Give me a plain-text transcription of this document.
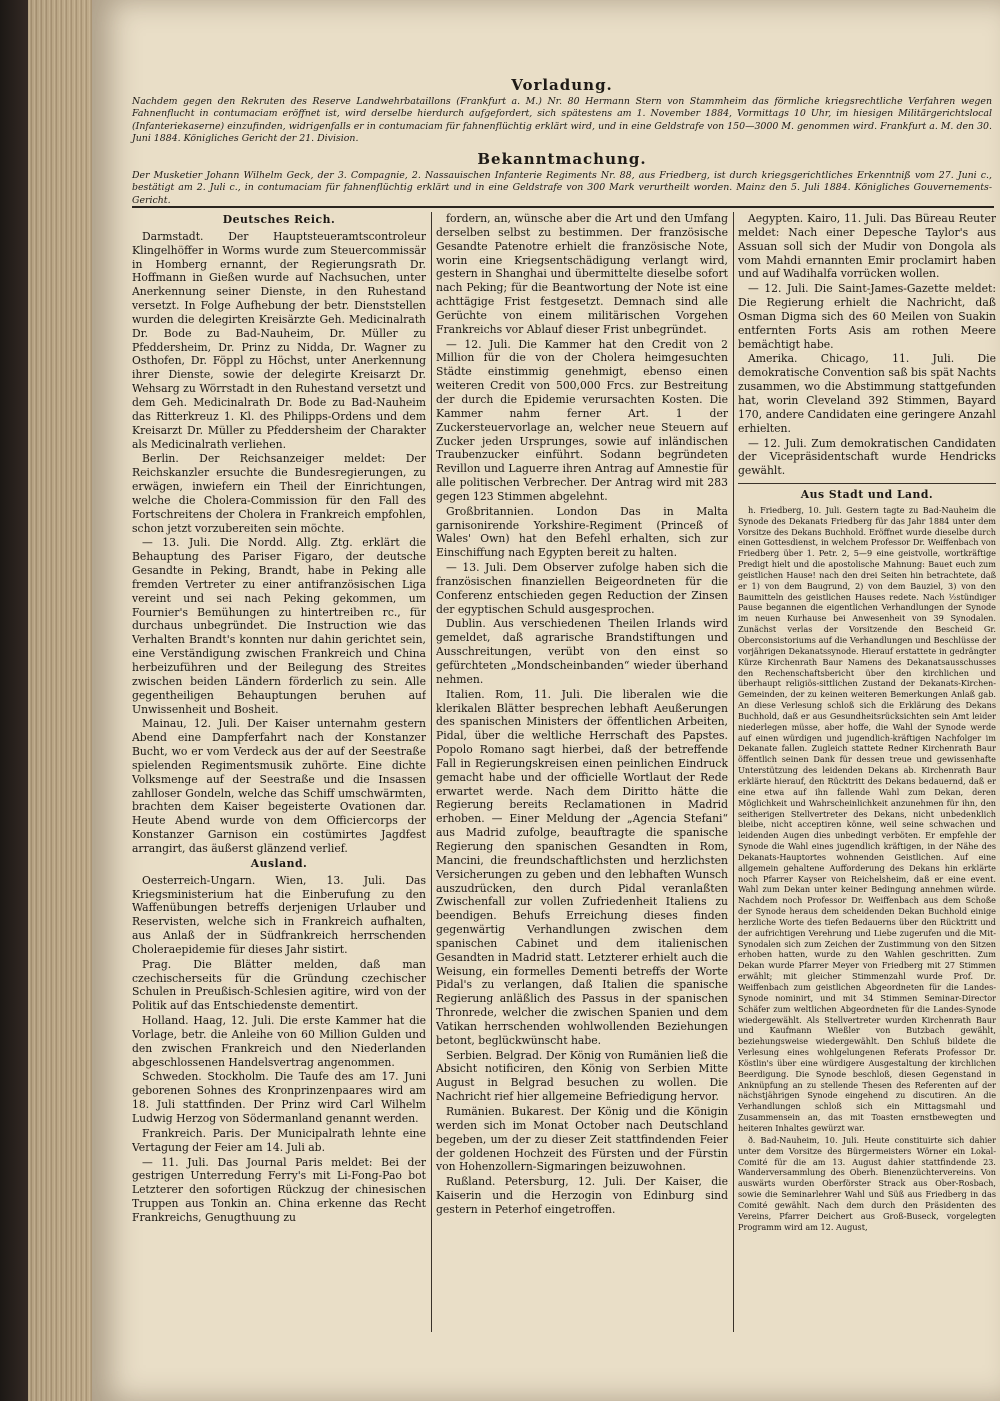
Vorladung.
Nachdem gegen den Rekruten des Reserve Landwehrbataillons (Frankfurt a. M.) Nr. 80 Hermann Stern von Stammheim das förmliche kriegsrechtliche Verfahren wegen Fahnenflucht in contumaciam eröffnet ist, wird derselbe hierdurch aufgefordert, sich spätestens am 1. November 1884, Vormittags 10 Uhr, im hiesigen Militärgerichtslocal (Infanteriekaserne) einzufinden, widrigenfalls er in contumaciam für fahnenflüchtig erklärt wird, und in eine Geldstrafe von 150—3000 M. genommen wird. Frankfurt a. M. den 30. Juni 1884. Königliches Gericht der 21. Division.
Bekanntmachung.
Der Musketier Johann Wilhelm Geck, der 3. Compagnie, 2. Nassauischen Infanterie Regiments Nr. 88, aus Friedberg, ist durch kriegsgerichtliches Erkenntniß vom 27. Juni c., bestätigt am 2. Juli c., in contumaciam für fahnenflüchtig erklärt und in eine Geldstrafe von 300 Mark verurtheilt worden. Mainz den 5. Juli 1884. Königliches Gouvernements-Gericht.

Deutsches Reich.

Darmstadt. Der Hauptsteueramtscontroleur Klingelhöffer in Worms wurde zum Steuercommissär in Homberg ernannt, der Regierungsrath Dr. Hoffmann in Gießen wurde auf Nachsuchen, unter Anerkennung seiner Dienste, in den Ruhestand versetzt. In Folge Aufhebung der betr. Dienststellen wurden die delegirten Kreisärzte Geh. Medicinalrath Dr. Bode zu Bad-Nauheim, Dr. Müller zu Pfeddersheim, Dr. Prinz zu Nidda, Dr. Wagner zu Osthofen, Dr. Föppl zu Höchst, unter Anerkennung ihrer Dienste, sowie der delegirte Kreisarzt Dr. Wehsarg zu Wörrstadt in den Ruhestand versetzt und dem Geh. Medicinalrath Dr. Bode zu Bad-Nauheim das Ritterkreuz 1. Kl. des Philipps-Ordens und dem Kreisarzt Dr. Müller zu Pfeddersheim der Charakter als Medicinalrath verliehen.

Berlin. Der Reichsanzeiger meldet: Der Reichskanzler ersuchte die Bundesregierungen, zu erwägen, inwiefern ein Theil der Einrichtungen, welche die Cholera-Commission für den Fall des Fortschreitens der Cholera in Frankreich empfohlen, schon jetzt vorzubereiten sein möchte.

— 13. Juli. Die Nordd. Allg. Ztg. erklärt die Behauptung des Pariser Figaro, der deutsche Gesandte in Peking, Brandt, habe in Peking alle fremden Vertreter zu einer antifranzösischen Liga vereint und sei nach Peking gekommen, um Fournier's Bemühungen zu hintertreiben rc., für durchaus unbegründet. Die Instruction wie das Verhalten Brandt's konnten nur dahin gerichtet sein, eine Verständigung zwischen Frankreich und China herbeizuführen und der Beilegung des Streites zwischen beiden Ländern förderlich zu sein. Alle gegentheiligen Behauptungen beruhen auf Unwissenheit und Bosheit.

Mainau, 12. Juli. Der Kaiser unternahm gestern Abend eine Dampferfahrt nach der Konstanzer Bucht, wo er vom Verdeck aus der auf der Seestraße spielenden Regimentsmusik zuhörte. Eine dichte Volksmenge auf der Seestraße und die Insassen zahlloser Gondeln, welche das Schiff umschwärmten, brachten dem Kaiser begeisterte Ovationen dar. Heute Abend wurde von dem Officiercorps der Konstanzer Garnison ein costümirtes Jagdfest arrangirt, das äußerst glänzend verlief.

Ausland.

Oesterreich-Ungarn. Wien, 13. Juli. Das Kriegsministerium hat die Einberufung zu den Waffenübungen betreffs derjenigen Urlauber und Reservisten, welche sich in Frankreich aufhalten, aus Anlaß der in Südfrankreich herrschenden Choleraepidemie für dieses Jahr sistirt.

Prag. Die Blätter melden, daß man czechischerseits für die Gründung czechischer Schulen in Preußisch-Schlesien agitire, wird von der Politik auf das Entschiedenste dementirt.

Holland. Haag, 12. Juli. Die erste Kammer hat die Vorlage, betr. die Anleihe von 60 Million Gulden und den zwischen Frankreich und den Niederlanden abgeschlossenen Handelsvertrag angenommen.

Schweden. Stockholm. Die Taufe des am 17. Juni geborenen Sohnes des Kronprinzenpaares wird am 18. Juli stattfinden. Der Prinz wird Carl Wilhelm Ludwig Herzog von Södermanland genannt werden.

Frankreich. Paris. Der Municipalrath lehnte eine Vertagung der Feier am 14. Juli ab.

— 11. Juli. Das Journal Paris meldet: Bei der gestrigen Unterredung Ferry's mit Li-Fong-Pao bot Letzterer den sofortigen Rückzug der chinesischen Truppen aus Tonkin an. China erkenne das Recht Frankreichs, Genugthuung zu

fordern, an, wünsche aber die Art und den Umfang derselben selbst zu bestimmen. Der französische Gesandte Patenotre erhielt die französische Note, worin eine Kriegsentschädigung verlangt wird, gestern in Shanghai und übermittelte dieselbe sofort nach Peking; für die Beantwortung der Note ist eine achttägige Frist festgesetzt. Demnach sind alle Gerüchte von einem militärischen Vorgehen Frankreichs vor Ablauf dieser Frist unbegründet.

— 12. Juli. Die Kammer hat den Credit von 2 Million für die von der Cholera heimgesuchten Städte einstimmig genehmigt, ebenso einen weiteren Credit von 500,000 Frcs. zur Bestreitung der durch die Epidemie verursachten Kosten. Die Kammer nahm ferner Art. 1 der Zuckersteuervorlage an, welcher neue Steuern auf Zucker jeden Ursprunges, sowie auf inländischen Traubenzucker einführt. Sodann begründeten Revillon und Laguerre ihren Antrag auf Amnestie für alle politischen Verbrecher. Der Antrag wird mit 283 gegen 123 Stimmen abgelehnt.

Großbritannien. London Das in Malta garnisonirende Yorkshire-Regiment (Princeß of Wales' Own) hat den Befehl erhalten, sich zur Einschiffung nach Egypten bereit zu halten.

— 13. Juli. Dem Observer zufolge haben sich die französischen finanziellen Beigeordneten für die Conferenz entschieden gegen Reduction der Zinsen der egyptischen Schuld ausgesprochen.

Dublin. Aus verschiedenen Theilen Irlands wird gemeldet, daß agrarische Brandstiftungen und Ausschreitungen, verübt von den einst so gefürchteten „Mondscheinbanden“ wieder überhand nehmen.

Italien. Rom, 11. Juli. Die liberalen wie die klerikalen Blätter besprechen lebhaft Aeußerungen des spanischen Ministers der öffentlichen Arbeiten, Pidal, über die weltliche Herrschaft des Papstes. Popolo Romano sagt hierbei, daß der betreffende Fall in Regierungskreisen einen peinlichen Eindruck gemacht habe und der officielle Wortlaut der Rede erwartet werde. Nach dem Diritto hätte die Regierung bereits Reclamationen in Madrid erhoben. — Einer Meldung der „Agencia Stefani“ aus Madrid zufolge, beauftragte die spanische Regierung den spanischen Gesandten in Rom, Mancini, die freundschaftlichsten und herzlichsten Versicherungen zu geben und den lebhaften Wunsch auszudrücken, den durch Pidal veranlaßten Zwischenfall zur vollen Zufriedenheit Italiens zu beendigen. Behufs Erreichung dieses finden gegenwärtig Verhandlungen zwischen dem spanischen Cabinet und dem italienischen Gesandten in Madrid statt. Letzterer erhielt auch die Weisung, ein formelles Dementi betreffs der Worte Pidal's zu verlangen, daß Italien die spanische Regierung anläßlich des Passus in der spanischen Thronrede, welcher die zwischen Spanien und dem Vatikan herrschenden wohlwollenden Beziehungen betont, beglückwünscht habe.

Serbien. Belgrad. Der König von Rumänien ließ die Absicht notificiren, den König von Serbien Mitte August in Belgrad besuchen zu wollen. Die Nachricht rief hier allgemeine Befriedigung hervor.

Rumänien. Bukarest. Der König und die Königin werden sich im Monat October nach Deutschland begeben, um der zu dieser Zeit stattfindenden Feier der goldenen Hochzeit des Fürsten und der Fürstin von Hohenzollern-Sigmaringen beizuwohnen.

Rußland. Petersburg, 12. Juli. Der Kaiser, die Kaiserin und die Herzogin von Edinburg sind gestern in Peterhof eingetroffen.

Aegypten. Kairo, 11. Juli. Das Büreau Reuter meldet: Nach einer Depesche Taylor's aus Assuan soll sich der Mudir von Dongola als vom Mahdi ernannten Emir proclamirt haben und auf Wadihalfa vorrücken wollen.

— 12. Juli. Die Saint-James-Gazette meldet: Die Regierung erhielt die Nachricht, daß Osman Digma sich des 60 Meilen von Suakin entfernten Forts Asis am rothen Meere bemächtigt habe.

Amerika. Chicago, 11. Juli. Die demokratische Convention saß bis spät Nachts zusammen, wo die Abstimmung stattgefunden hat, worin Cleveland 392 Stimmen, Bayard 170, andere Candidaten eine geringere Anzahl erhielten.

— 12. Juli. Zum demokratischen Candidaten der Vicepräsidentschaft wurde Hendricks gewählt.

Aus Stadt und Land.

h. Friedberg, 10. Juli. Gestern tagte zu Bad-Nauheim die Synode des Dekanats Friedberg für das Jahr 1884 unter dem Vorsitze des Dekans Buchhold. Eröffnet wurde dieselbe durch einen Gottesdienst, in welchem Professor Dr. Weiffenbach von Friedberg über 1. Petr. 2, 5—9 eine geistvolle, wortkräftige Predigt hielt und die apostolische Mahnung: Bauet euch zum geistlichen Hause! nach den drei Seiten hin betrachtete, daß er 1) von dem Baugrund, 2) von dem Bauziel, 3) von den Baumitteln des geistlichen Hauses redete. Nach ½stündiger Pause begannen die eigentlichen Verhandlungen der Synode im neuen Kurhause bei Anwesenheit von 39 Synodalen. Zunächst verlas der Vorsitzende den Bescheid Gr. Oberconsistoriums auf die Verhandlungen und Beschlüsse der vorjährigen Dekanatssynode. Hierauf erstattete in gedrängter Kürze Kirchenrath Baur Namens des Dekanatsausschusses den Rechenschaftsbericht über den kirchlichen und überhaupt religiös-sittlichen Zustand der Dekanats-Kirchen-Gemeinden, der zu keinen weiteren Bemerkungen Anlaß gab. An diese Verlesung schloß sich die Erklärung des Dekans Buchhold, daß er aus Gesundheitsrücksichten sein Amt leider niederlegen müsse, aber hoffe, die Wahl der Synode werde auf einen würdigen und jugendlich-kräftigen Nachfolger im Dekanate fallen. Zugleich stattete Redner Kirchenrath Baur öffentlich seinen Dank für dessen treue und gewissenhafte Unterstützung des leidenden Dekans ab. Kirchenrath Baur erklärte hierauf, den Rücktritt des Dekans bedauernd, daß er eine etwa auf ihn fallende Wahl zum Dekan, deren Möglichkeit und Wahrscheinlichkeit anzunehmen für ihn, den seitherigen Stellvertreter des Dekans, nicht unbedenklich bleibe, nicht acceptiren könne, weil seine schwachen und leidenden Augen dies unbedingt verböten. Er empfehle der Synode die Wahl eines jugendlich kräftigen, in der Nähe des Dekanats-Hauptortes wohnenden Geistlichen. Auf eine allgemein gehaltene Aufforderung des Dekans hin erklärte noch Pfarrer Kayser von Reichelsheim, daß er eine event. Wahl zum Dekan unter keiner Bedingung annehmen würde. Nachdem noch Professor Dr. Weiffenbach aus dem Schoße der Synode heraus dem scheidenden Dekan Buchhold einige herzliche Worte des tiefen Bedauerns über den Rücktritt und der aufrichtigen Verehrung und Liebe zugerufen und die Mit-Synodalen sich zum Zeichen der Zustimmung von den Sitzen erhoben hatten, wurde zu den Wahlen geschritten. Zum Dekan wurde Pfarrer Meyer von Friedberg mit 27 Stimmen erwählt; mit gleicher Stimmenzahl wurde Prof. Dr. Weiffenbach zum geistlichen Abgeordneten für die Landes-Synode nominirt, und mit 34 Stimmen Seminar-Director Schäfer zum weltlichen Abgeordneten für die Landes-Synode wiedergewählt. Als Stellvertreter wurden Kirchenrath Baur und Kaufmann Wießler von Butzbach gewählt, beziehungsweise wiedergewählt. Den Schluß bildete die Verlesung eines wohlgelungenen Referats Professor Dr. Köstlin's über eine würdigere Ausgestaltung der kirchlichen Beerdigung. Die Synode beschloß, diesen Gegenstand in Anknüpfung an zu stellende Thesen des Referenten auf der nächstjährigen Synode eingehend zu discutiren. An die Verhandlungen schloß sich ein Mittagsmahl und Zusammensein an, das mit Toasten ernstbewegten und heiteren Inhaltes gewürzt war.

ð. Bad-Nauheim, 10. Juli. Heute constituirte sich dahier unter dem Vorsitze des Bürgermeisters Wörner ein Lokal-Comité für die am 13. August dahier stattfindende 23. Wanderversammlung des Oberh. Bienenzüchtervereins. Von auswärts wurden Oberförster Strack aus Ober-Rosbach, sowie die Seminarlehrer Wahl und Süß aus Friedberg in das Comité gewählt. Nach dem durch den Präsidenten des Vereins, Pfarrer Deichert aus Groß-Buseck, vorgelegten Programm wird am 12. August,
